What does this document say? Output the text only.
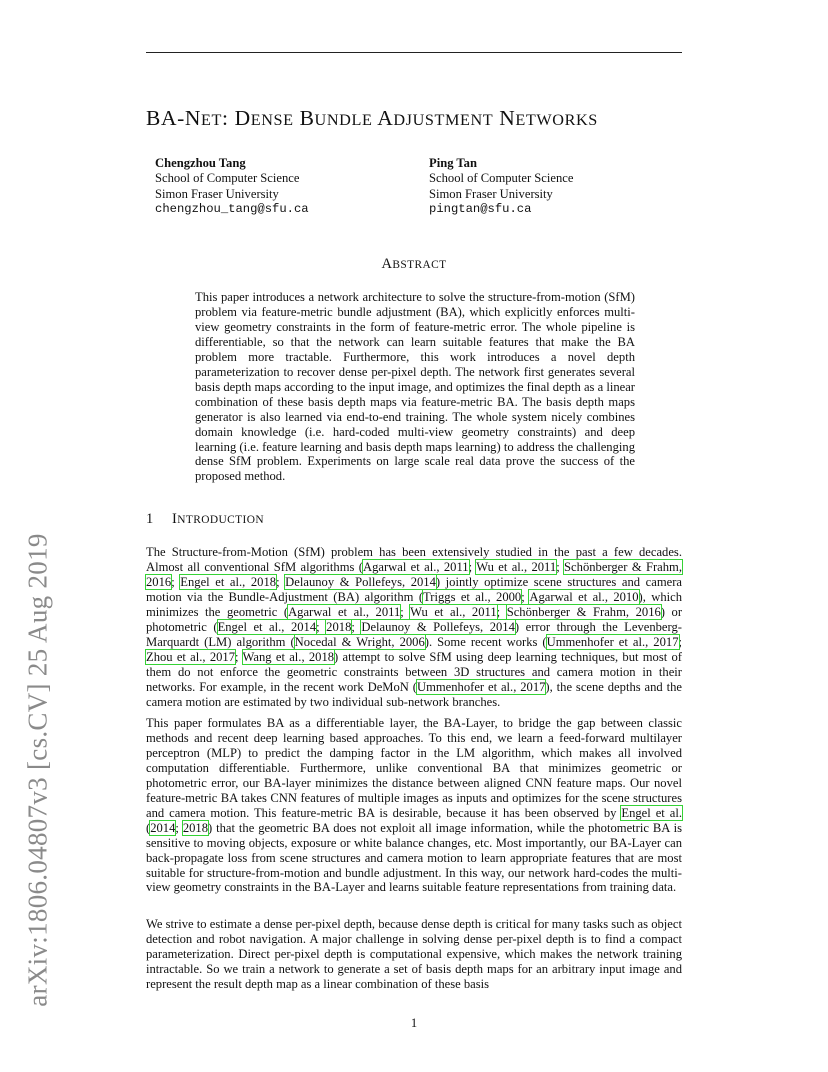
arXiv:1806.04807v3 [cs.CV] 25 Aug 2019
BA-NET: DENSE BUNDLE ADJUSTMENT NETWORKS
Chengzhou Tang
School of Computer Science
Simon Fraser University
chengzhou_tang@sfu.ca
Ping Tan
School of Computer Science
Simon Fraser University
pingtan@sfu.ca
ABSTRACT
This paper introduces a network architecture to solve the structure-from-motion (SfM) problem via feature-metric bundle adjustment (BA), which explicitly enforces multi-view geometry constraints in the form of feature-metric error. The whole pipeline is differentiable, so that the network can learn suitable features that make the BA problem more tractable. Furthermore, this work introduces a novel depth parameterization to recover dense per-pixel depth. The network first generates several basis depth maps according to the input image, and optimizes the final depth as a linear combination of these basis depth maps via feature-metric BA. The basis depth maps generator is also learned via end-to-end training. The whole system nicely combines domain knowledge (i.e. hard-coded multi-view geometry constraints) and deep learning (i.e. feature learning and basis depth maps learning) to address the challenging dense SfM problem. Experiments on large scale real data prove the success of the proposed method.
1 INTRODUCTION

The Structure-from-Motion (SfM) problem has been extensively studied in the past a few decades. Almost all conventional SfM algorithms (Agarwal et al., 2011; Wu et al., 2011; Schönberger & Frahm, 2016; Engel et al., 2018; Delaunoy & Pollefeys, 2014) jointly optimize scene structures and camera motion via the Bundle-Adjustment (BA) algorithm (Triggs et al., 2000; Agarwal et al., 2010), which minimizes the geometric (Agarwal et al., 2011; Wu et al., 2011; Schönberger & Frahm, 2016) or photometric (Engel et al., 2014; 2018; Delaunoy & Pollefeys, 2014) error through the Levenberg-Marquardt (LM) algorithm (Nocedal & Wright, 2006). Some recent works (Ummenhofer et al., 2017; Zhou et al., 2017; Wang et al., 2018) attempt to solve SfM using deep learning techniques, but most of them do not enforce the geometric constraints between 3D structures and camera motion in their networks. For example, in the recent work DeMoN (Ummenhofer et al., 2017), the scene depths and the camera motion are estimated by two individual sub-network branches.

This paper formulates BA as a differentiable layer, the BA-Layer, to bridge the gap between classic methods and recent deep learning based approaches. To this end, we learn a feed-forward multilayer perceptron (MLP) to predict the damping factor in the LM algorithm, which makes all involved computation differentiable. Furthermore, unlike conventional BA that minimizes geometric or photometric error, our BA-layer minimizes the distance between aligned CNN feature maps. Our novel feature-metric BA takes CNN features of multiple images as inputs and optimizes for the scene structures and camera motion. This feature-metric BA is desirable, because it has been observed by Engel et al. (2014; 2018) that the geometric BA does not exploit all image information, while the photometric BA is sensitive to moving objects, exposure or white balance changes, etc. Most importantly, our BA-Layer can back-propagate loss from scene structures and camera motion to learn appropriate features that are most suitable for structure-from-motion and bundle adjustment. In this way, our network hard-codes the multi-view geometry constraints in the BA-Layer and learns suitable feature representations from training data.

We strive to estimate a dense per-pixel depth, because dense depth is critical for many tasks such as object detection and robot navigation. A major challenge in solving dense per-pixel depth is to find a compact parameterization. Direct per-pixel depth is computational expensive, which makes the network training intractable. So we train a network to generate a set of basis depth maps for an arbitrary input image and represent the result depth map as a linear combination of these basis

1
